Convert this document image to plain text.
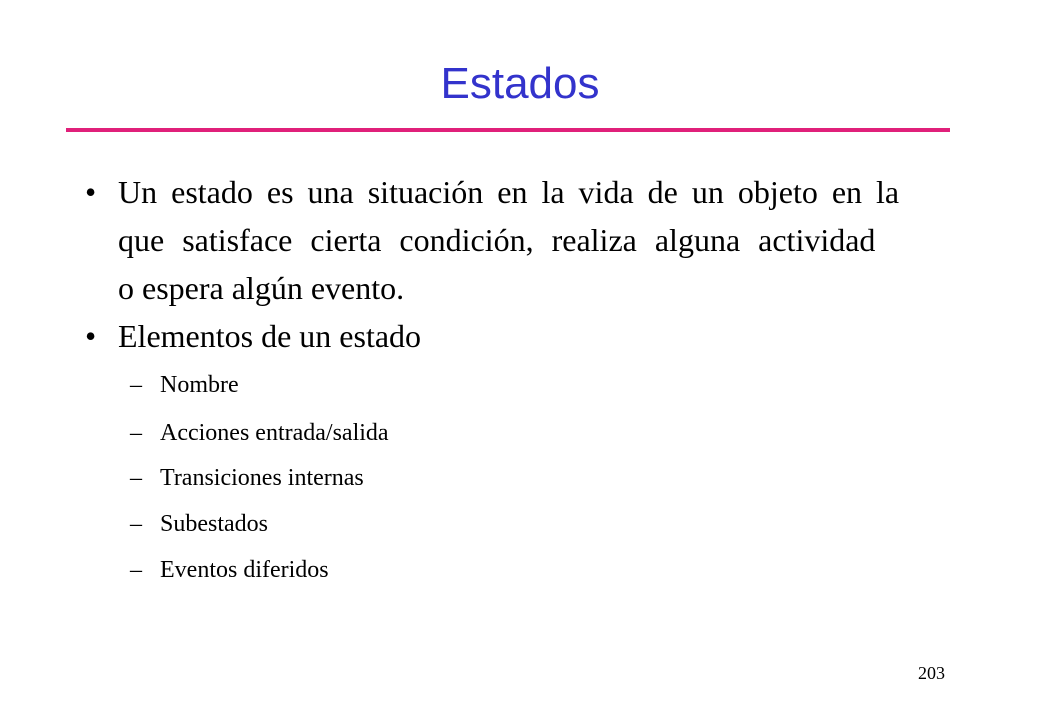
Estados
• Un estado es una situación en la vida de un objeto en la
que satisface cierta condición, realiza alguna actividad
o espera algún evento.
• Elementos de un estado
– Nombre
– Acciones entrada/salida
– Transiciones internas
– Subestados
– Eventos diferidos
203
